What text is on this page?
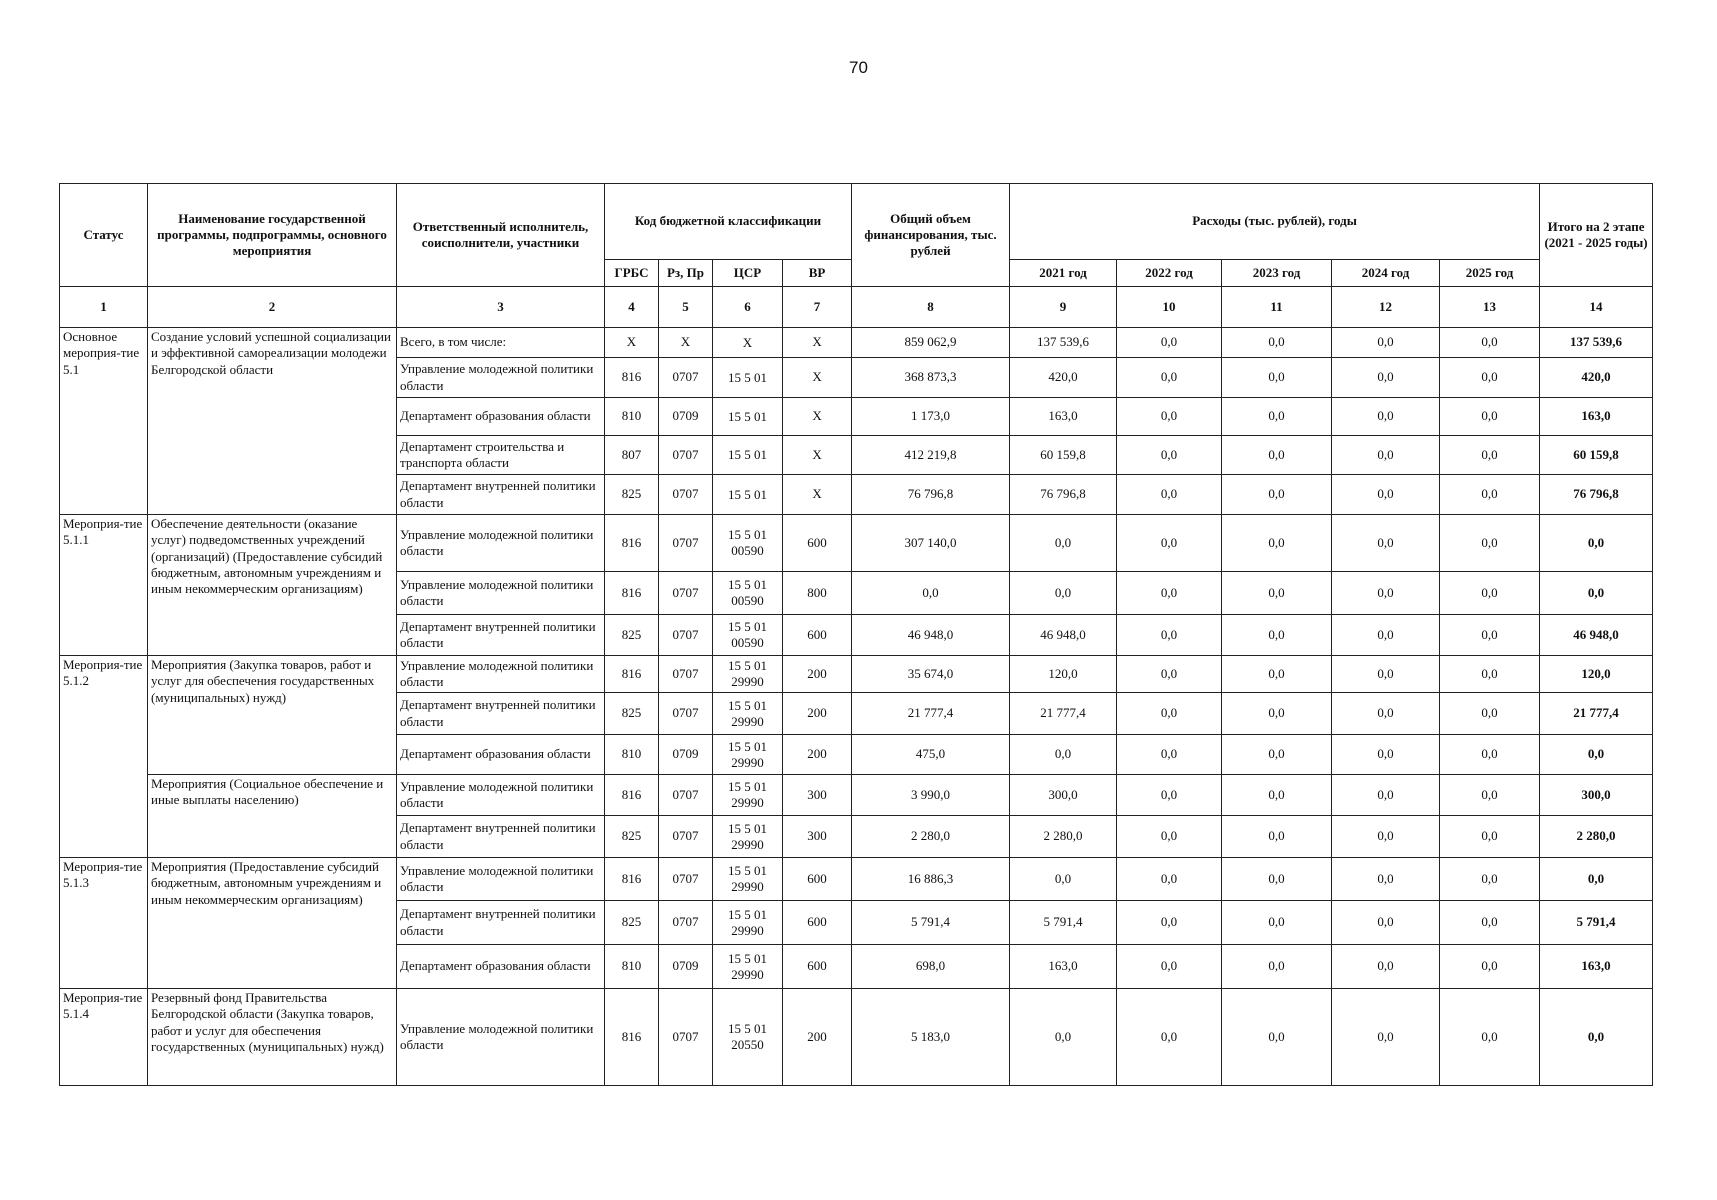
70
Статус	Наименование государственной программы, подпрограммы, основного мероприятия	Ответственный исполнитель, соисполнители, участники	Код бюджетной классификации				Общий объем финансирования, тыс. рублей	Расходы (тыс. рублей), годы					Итого на 2 этапе (2021 - 2025 годы)
			ГРБС	Рз, Пр	ЦСР	ВР		2021 год	2022 год	2023 год	2024 год	2025 год	
1	2	3	4	5	6	7	8	9	10	11	12	13	14
Основное мероприя-тие 5.1	Создание условий успешной социализации и эффективной самореализации молодежи Белгородской области	Всего, в том числе:	Х	Х	Х	Х	859 062,9	137 539,6	0,0	0,0	0,0	0,0	137 539,6
		Управление молодежной политики области	816	0707	15 5 01	Х	368 873,3	420,0	0,0	0,0	0,0	0,0	420,0
		Департамент образования области	810	0709	15 5 01	Х	1 173,0	163,0	0,0	0,0	0,0	0,0	163,0
		Департамент строительства и транспорта области	807	0707	15 5 01	Х	412 219,8	60 159,8	0,0	0,0	0,0	0,0	60 159,8
		Департамент внутренней политики области	825	0707	15 5 01	Х	76 796,8	76 796,8	0,0	0,0	0,0	0,0	76 796,8
Мероприя-тие 5.1.1	Обеспечение деятельности (оказание услуг) подведомственных учреждений (организаций) (Предоставление субсидий бюджетным, автономным учреждениям и иным некоммерческим организациям)	Управление молодежной политики области	816	0707	15 5 01 00590	600	307 140,0	0,0	0,0	0,0	0,0	0,0	0,0
		Управление молодежной политики области	816	0707	15 5 01 00590	800	0,0	0,0	0,0	0,0	0,0	0,0	0,0
		Департамент внутренней политики области	825	0707	15 5 01 00590	600	46 948,0	46 948,0	0,0	0,0	0,0	0,0	46 948,0
Мероприя-тие 5.1.2	Мероприятия (Закупка товаров, работ и услуг для обеспечения государственных (муниципальных) нужд)	Управление молодежной политики области	816	0707	15 5 01 29990	200	35 674,0	120,0	0,0	0,0	0,0	0,0	120,0
		Департамент внутренней политики области	825	0707	15 5 01 29990	200	21 777,4	21 777,4	0,0	0,0	0,0	0,0	21 777,4
		Департамент образования области	810	0709	15 5 01 29990	200	475,0	0,0	0,0	0,0	0,0	0,0	0,0
	Мероприятия (Социальное обеспечение и иные выплаты населению)	Управление молодежной политики области	816	0707	15 5 01 29990	300	3 990,0	300,0	0,0	0,0	0,0	0,0	300,0
		Департамент внутренней политики области	825	0707	15 5 01 29990	300	2 280,0	2 280,0	0,0	0,0	0,0	0,0	2 280,0
Мероприя-тие 5.1.3	Мероприятия (Предоставление субсидий бюджетным, автономным учреждениям и иным некоммерческим организациям)	Управление молодежной политики области	816	0707	15 5 01 29990	600	16 886,3	0,0	0,0	0,0	0,0	0,0	0,0
		Департамент внутренней политики области	825	0707	15 5 01 29990	600	5 791,4	5 791,4	0,0	0,0	0,0	0,0	5 791,4
		Департамент образования области	810	0709	15 5 01 29990	600	698,0	163,0	0,0	0,0	0,0	0,0	163,0
Мероприя-тие 5.1.4	Резервный фонд Правительства Белгородской области (Закупка товаров, работ и услуг для обеспечения государственных (муниципальных) нужд)	Управление молодежной политики области	816	0707	15 5 01 20550	200	5 183,0	0,0	0,0	0,0	0,0	0,0	0,0
